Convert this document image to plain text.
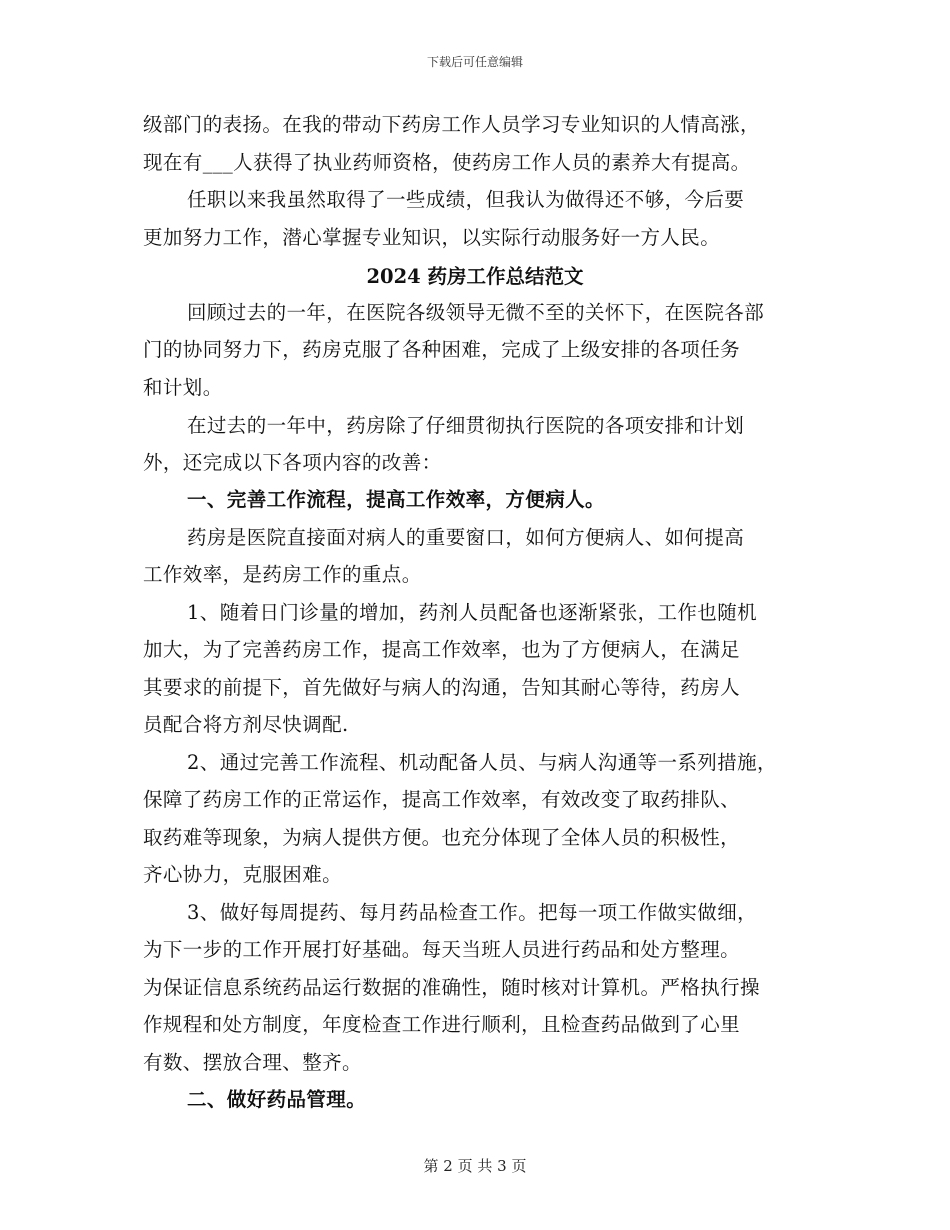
下载后可任意编辑
级部门的表扬。在我的带动下药房工作人员学习专业知识的人情高涨，
现在有___人获得了执业药师资格，使药房工作人员的素养大有提高。
任职以来我虽然取得了一些成绩，但我认为做得还不够，今后要
更加努力工作，潜心掌握专业知识，以实际行动服务好一方人民。
2024 药房工作总结范文
回顾过去的一年，在医院各级领导无微不至的关怀下，在医院各部
门的协同努力下，药房克服了各种困难，完成了上级安排的各项任务
和计划。
在过去的一年中，药房除了仔细贯彻执行医院的各项安排和计划
外，还完成以下各项内容的改善：
一、完善工作流程，提高工作效率，方便病人。
药房是医院直接面对病人的重要窗口，如何方便病人、如何提高
工作效率，是药房工作的重点。
1、随着日门诊量的增加，药剂人员配备也逐渐紧张，工作也随机
加大，为了完善药房工作，提高工作效率，也为了方便病人，在满足
其要求的前提下，首先做好与病人的沟通，告知其耐心等待，药房人
员配合将方剂尽快调配.
2、通过完善工作流程、机动配备人员、与病人沟通等一系列措施，
保障了药房工作的正常运作，提高工作效率，有效改变了取药排队、
取药难等现象，为病人提供方便。也充分体现了全体人员的积极性，
齐心协力，克服困难。
3、做好每周提药、每月药品检查工作。把每一项工作做实做细，
为下一步的工作开展打好基础。每天当班人员进行药品和处方整理。
为保证信息系统药品运行数据的准确性，随时核对计算机。严格执行操
作规程和处方制度，年度检查工作进行顺利，且检查药品做到了心里
有数、摆放合理、整齐。
二、做好药品管理。
第 2 页 共 3 页
